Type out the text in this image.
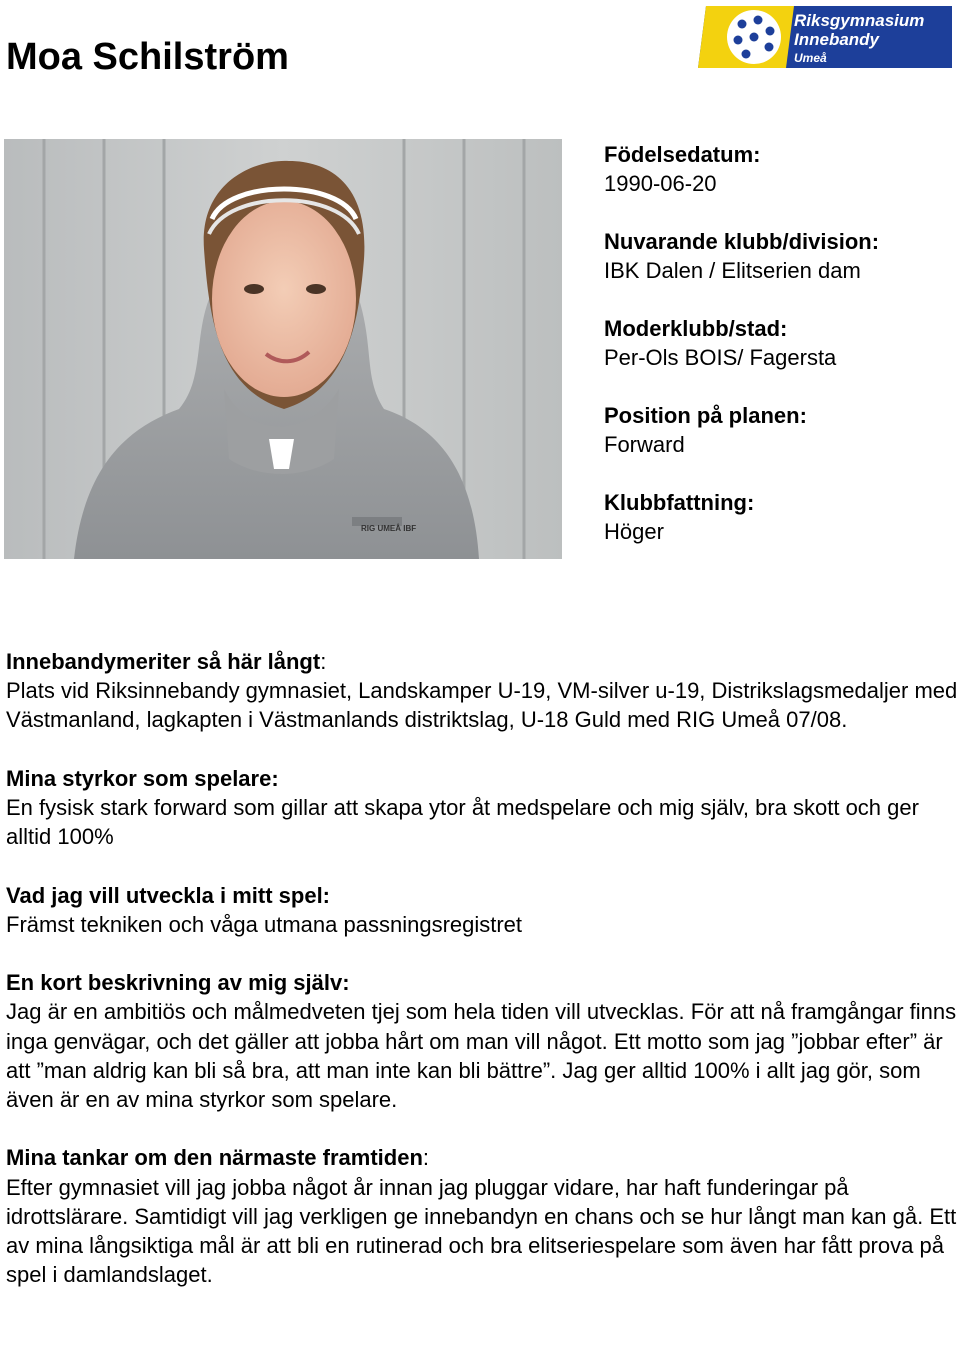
Moa Schilström
Riksgymnasium
Innebandy
Umeå
RIG UMEÅ IBF
Födelsedatum:
1990-06-20
Nuvarande klubb/division:
IBK Dalen / Elitserien dam
Moderklubb/stad:
Per-Ols BOIS/ Fagersta
Position på planen:
Forward
Klubbfattning:
Höger
Innebandymeriter så här långt:
Plats vid Riksinnebandy gymnasiet, Landskamper U-19, VM-silver u-19, Distrikslagsmedaljer med Västmanland, lagkapten i Västmanlands distriktslag, U-18 Guld med RIG Umeå 07/08.
Mina styrkor som spelare:
En fysisk stark forward som gillar att skapa ytor åt medspelare och mig själv, bra skott och ger alltid 100%
Vad jag vill utveckla i mitt spel:
Främst tekniken och våga utmana passningsregistret
En kort beskrivning av mig själv:
Jag är en ambitiös och målmedveten tjej som hela tiden vill utvecklas. För att nå framgångar finns inga genvägar, och det gäller att jobba hårt om man vill något. Ett motto som jag ”jobbar efter” är att ”man aldrig kan bli så bra, att man inte kan bli bättre”. Jag ger alltid 100% i allt jag gör, som även är en av mina styrkor som spelare.
Mina tankar om den närmaste framtiden:
Efter gymnasiet vill jag jobba något år innan jag pluggar vidare, har haft funderingar på idrottslärare. Samtidigt vill jag verkligen ge innebandyn en chans och se hur långt man kan gå. Ett av mina långsiktiga mål är att bli en rutinerad och bra elitseriespelare som även har fått prova på spel i damlandslaget.
